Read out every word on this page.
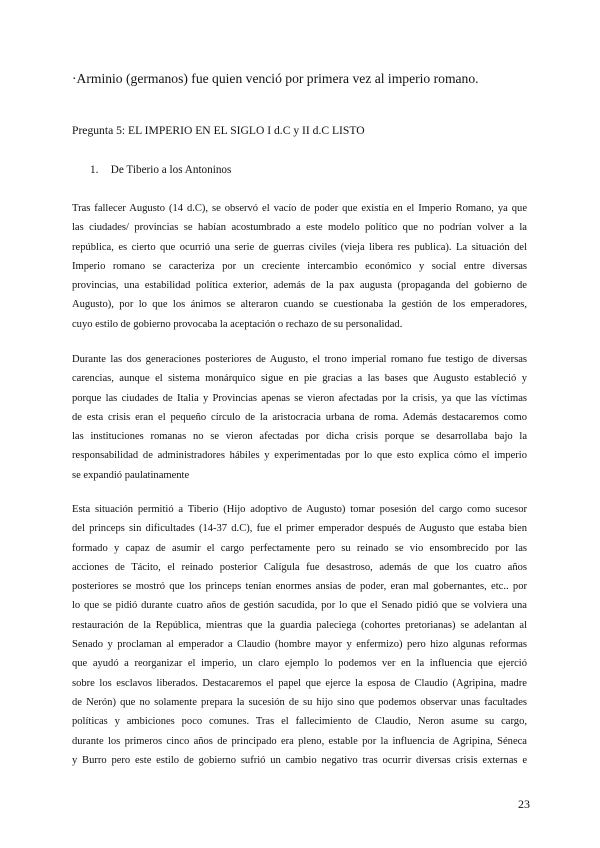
·Arminio (germanos) fue quien venció por primera vez al imperio romano.
Pregunta 5: EL IMPERIO EN EL SIGLO I d.C y II d.C LISTO
1. De Tiberio a los Antoninos
Tras fallecer Augusto (14 d.C), se observó el vacío de poder que existía en el Imperio Romano, ya que
las ciudades/ provincias se habían acostumbrado a este modelo político que no podrían volver a la
república, es cierto que ocurrió una serie de guerras civiles (vieja libera res publica). La situación del
Imperio romano se caracteriza por un creciente intercambio económico y social entre diversas
provincias, una estabilidad política exterior, además de la pax augusta (propaganda del gobierno de
Augusto), por lo que los ánimos se alteraron cuando se cuestionaba la gestión de los emperadores,
cuyo estilo de gobierno provocaba la aceptación o rechazo de su personalidad.
Durante las dos generaciones posteriores de Augusto, el trono imperial romano fue testigo de diversas
carencias, aunque el sistema monárquico sigue en pie gracias a las bases que Augusto estableció y
porque las ciudades de Italia y Provincias apenas se vieron afectadas por la crisis, ya que las víctimas
de esta crisis eran el pequeño círculo de la aristocracia urbana de roma. Además destacaremos como
las instituciones romanas no se vieron afectadas por dicha crisis porque se desarrollaba bajo la
responsabilidad de administradores hábiles y experimentadas por lo que esto explica cómo el imperio
se expandió paulatinamente
Esta situación permitió a Tiberio (Hijo adoptivo de Augusto) tomar posesión del cargo como sucesor
del princeps sin dificultades (14-37 d.C), fue el primer emperador después de Augusto que estaba bien
formado y capaz de asumir el cargo perfectamente pero su reinado se vio ensombrecido por las
acciones de Tácito, el reinado posterior Calígula fue desastroso, además de que los cuatro años
posteriores se mostró que los princeps tenían enormes ansias de poder, eran mal gobernantes, etc.. por
lo que se pidió durante cuatro años de gestión sacudida, por lo que el Senado pidió que se volviera una
restauración de la República, mientras que la guardia paleciega (cohortes pretorianas) se adelantan al
Senado y proclaman al emperador a Claudio (hombre mayor y enfermizo) pero hizo algunas reformas
que ayudó a reorganizar el imperio, un claro ejemplo lo podemos ver en la influencia que ejerció
sobre los esclavos liberados. Destacaremos el papel que ejerce la esposa de Claudio (Agripina, madre
de Nerón) que no solamente prepara la sucesión de su hijo sino que podemos observar unas facultades
políticas y ambiciones poco comunes. Tras el fallecimiento de Claudio, Neron asume su cargo,
durante los primeros cinco años de principado era pleno, estable por la influencia de Agripina, Séneca
y Burro pero este estilo de gobierno sufrió un cambio negativo tras ocurrir diversas crisis externas e
23
